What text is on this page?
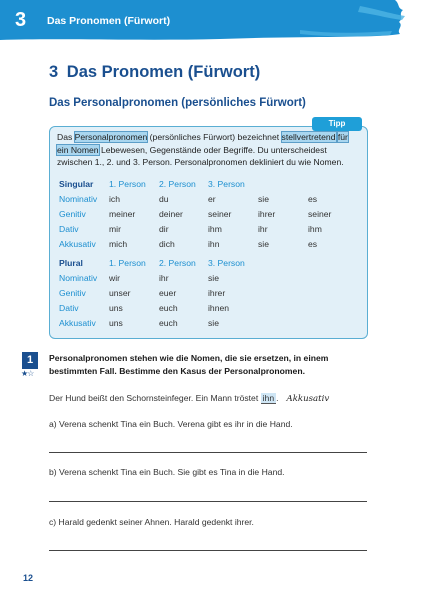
3 Das Pronomen (Fürwort)
3 Das Pronomen (Fürwort)
Das Personalpronomen (persönliches Fürwort)
Tipp
Das Personalpronomen (persönliches Fürwort) bezeichnet stellvertretend für ein Nomen Lebewesen, Gegenstände oder Begriffe. Du unterscheidest zwischen 1., 2. und 3. Person. Personalpronomen dekliniert du wie Nomen.
Singular 1. Person 2. Person 3. Person
Nominativ ich	du	er	sie	es
Genitiv	meiner	deiner	seiner	ihrer	seiner
Dativ	mir	dir	ihm	ihr	ihm
Akkusativ mich	dich	ihn	sie	es
Plural	1. Person 2. Person 3. Person
Nominativ wir	ihr	sie
Genitiv	unser	euer	ihrer
Dativ	uns	euch	ihnen
Akkusativ uns	euch	sie
1
★☆
Personalpronomen stehen wie die Nomen, die sie ersetzen, in einem bestimmten Fall. Bestimme den Kasus der Personalpronomen.
Der Hund beißt den Schornsteinfeger. Ein Mann tröstet ihn . Akkusativ
a) Verena schenkt Tina ein Buch. Verena gibt es ihr in die Hand.
b) Verena schenkt Tina ein Buch. Sie gibt es Tina in die Hand.
c) Harald gedenkt seiner Ahnen. Harald gedenkt ihrer.
12
